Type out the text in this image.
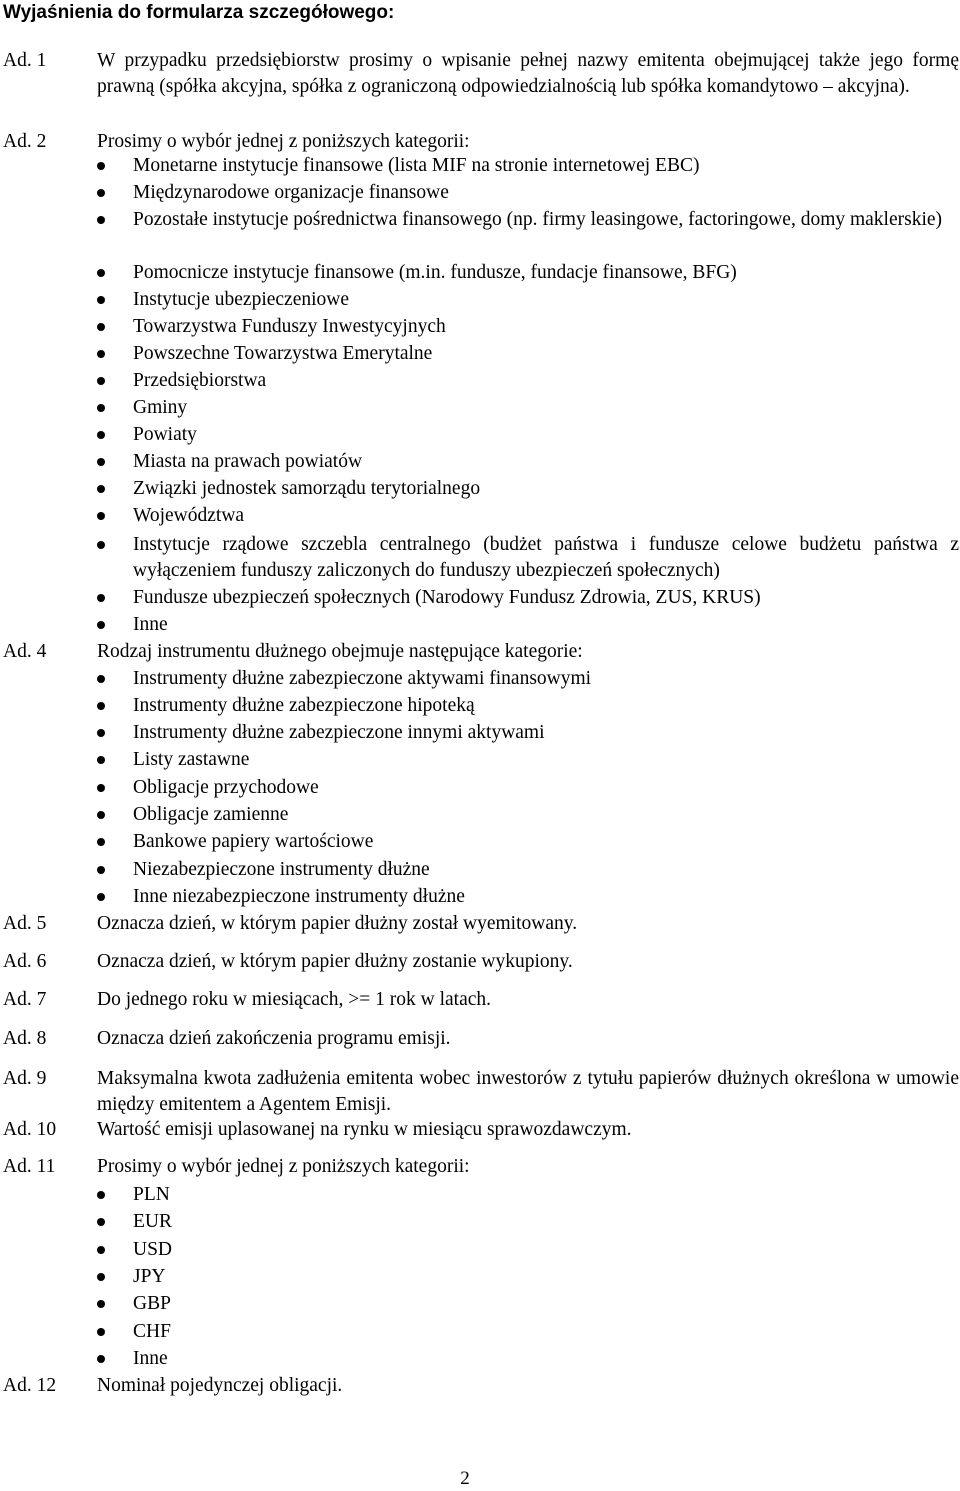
Wyjaśnienia do formularza szczegółowego:
Ad. 1	W przypadku przedsiębiorstw prosimy o wpisanie pełnej nazwy emitenta obejmującej także jego formę prawną (spółka akcyjna, spółka z ograniczoną odpowiedzialnością lub spółka komandytowo – akcyjna).
Ad. 2	Prosimy o wybór jednej z poniższych kategorii:
Monetarne instytucje finansowe (lista MIF na stronie internetowej EBC)
Międzynarodowe organizacje finansowe
Pozostałe instytucje pośrednictwa finansowego (np. firmy leasingowe, factoringowe, domy maklerskie)
Pomocnicze instytucje finansowe (m.in. fundusze, fundacje finansowe, BFG)
Instytucje ubezpieczeniowe
Towarzystwa Funduszy Inwestycyjnych
Powszechne Towarzystwa Emerytalne
Przedsiębiorstwa
Gminy
Powiaty
Miasta na prawach powiatów
Związki jednostek samorządu terytorialnego
Województwa
Instytucje rządowe szczebla centralnego (budżet państwa i fundusze celowe budżetu państwa z wyłączeniem funduszy zaliczonych do funduszy ubezpieczeń społecznych)
Fundusze ubezpieczeń społecznych (Narodowy Fundusz Zdrowia, ZUS, KRUS)
Inne
Ad. 4	Rodzaj instrumentu dłużnego obejmuje następujące kategorie:
Instrumenty dłużne zabezpieczone aktywami finansowymi
Instrumenty dłużne zabezpieczone hipoteką
Instrumenty dłużne zabezpieczone innymi aktywami
Listy zastawne
Obligacje przychodowe
Obligacje zamienne
Bankowe papiery wartościowe
Niezabezpieczone instrumenty dłużne
Inne niezabezpieczone instrumenty dłużne
Ad. 5	Oznacza dzień, w którym papier dłużny został wyemitowany.
Ad. 6	Oznacza dzień, w którym papier dłużny zostanie wykupiony.
Ad. 7	Do jednego roku w miesiącach, >= 1 rok w latach.
Ad. 8	Oznacza dzień zakończenia programu emisji.
Ad. 9	Maksymalna kwota zadłużenia emitenta wobec inwestorów z tytułu papierów dłużnych określona w umowie między emitentem a Agentem Emisji.
Ad. 10 Wartość emisji uplasowanej na rynku w miesiącu sprawozdawczym.
Ad. 11 Prosimy o wybór jednej z poniższych kategorii:
PLN
EUR
USD
JPY
GBP
CHF
Inne
Ad. 12 Nominał pojedynczej obligacji.
2
